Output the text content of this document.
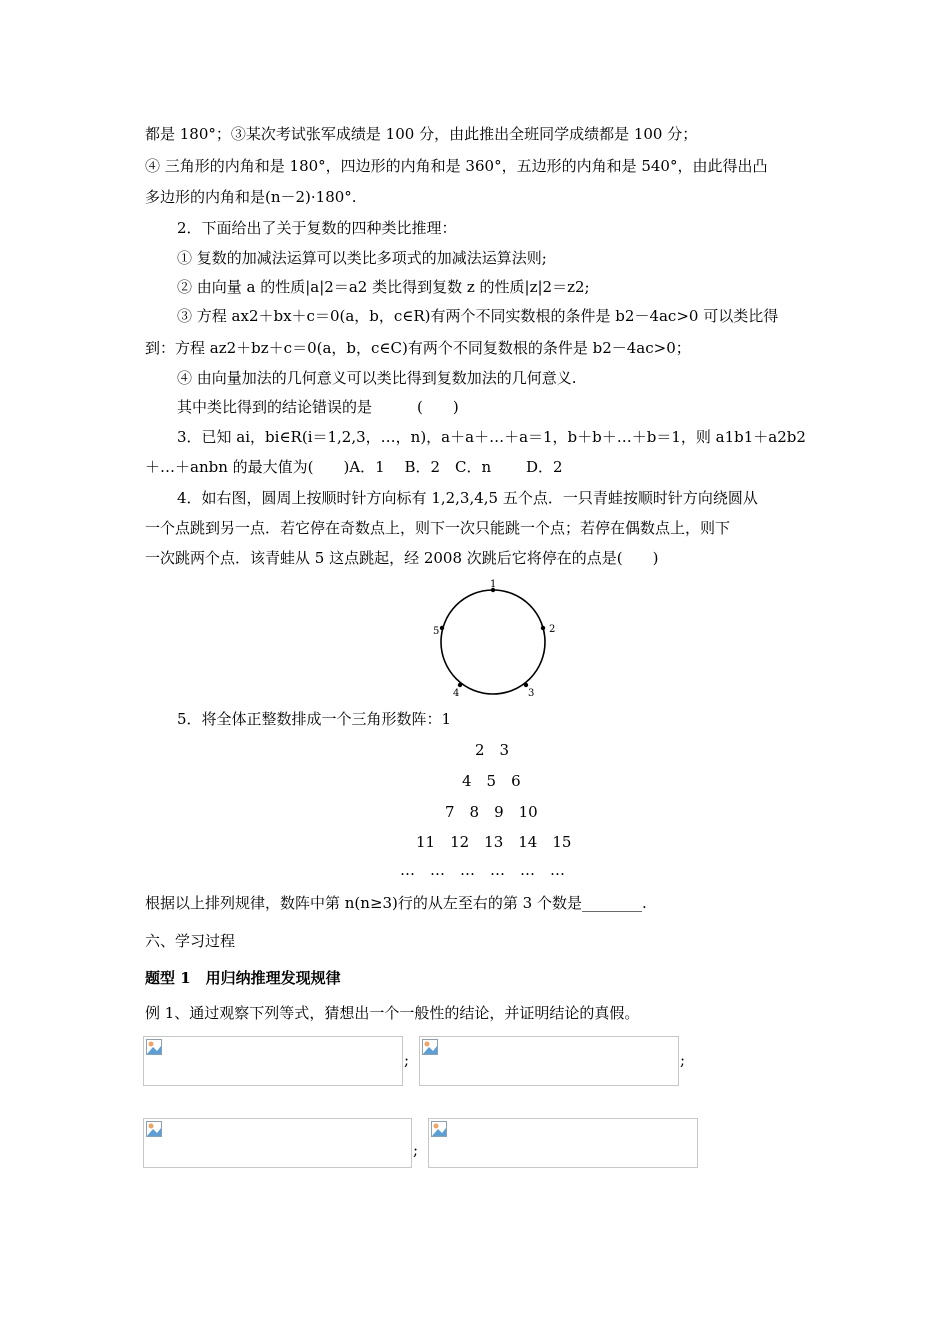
都是 180°；③某次考试张军成绩是 100 分，由此推出全班同学成绩都是 100 分；
④ 三角形的内角和是 180°，四边形的内角和是 360°，五边形的内角和是 540°，由此得出凸
多边形的内角和是(n－2)·180°.
2．下面给出了关于复数的四种类比推理：
① 复数的加减法运算可以类比多项式的加减法运算法则;
② 由向量 a 的性质|a|2＝a2 类比得到复数 z 的性质|z|2＝z2;
③ 方程 ax2＋bx＋c＝0(a，b，c∈R)有两个不同实数根的条件是 b2－4ac>0 可以类比得
到：方程 az2＋bz＋c＝0(a，b，c∈C)有两个不同复数根的条件是 b2－4ac>0；
④ 由向量加法的几何意义可以类比得到复数加法的几何意义.
其中类比得到的结论错误的是　　　(　　)
3．已知 ai，bi∈R(i＝1,2,3，…，n)，a＋a＋…＋a＝1，b＋b＋…＋b＝1，则 a1b1＋a2b2
＋…＋anbn 的最大值为(　　)A．1　 B．2　C．n　　 D．2
4．如右图，圆周上按顺时针方向标有 1,2,3,4,5 五个点．一只青蛙按顺时针方向绕圆从
一个点跳到另一点．若它停在奇数点上，则下一次只能跳一个点；若停在偶数点上，则下
一次跳两个点．该青蛙从 5 这点跳起，经 2008 次跳后它将停在的点是(　　)
1
2
3
4
5
5．将全体正整数排成一个三角形数阵：1
2　3
4　5　6
7　8　9　10
11　12　13　14　15
…　…　…　…　…　…
根据以上排列规律，数阵中第 n(n≥3)行的从左至右的第 3 个数是________.
六、学习过程
题型 1　用归纳推理发现规律
例 1、通过观察下列等式，猜想出一个一般性的结论，并证明结论的真假。
;	;
;
